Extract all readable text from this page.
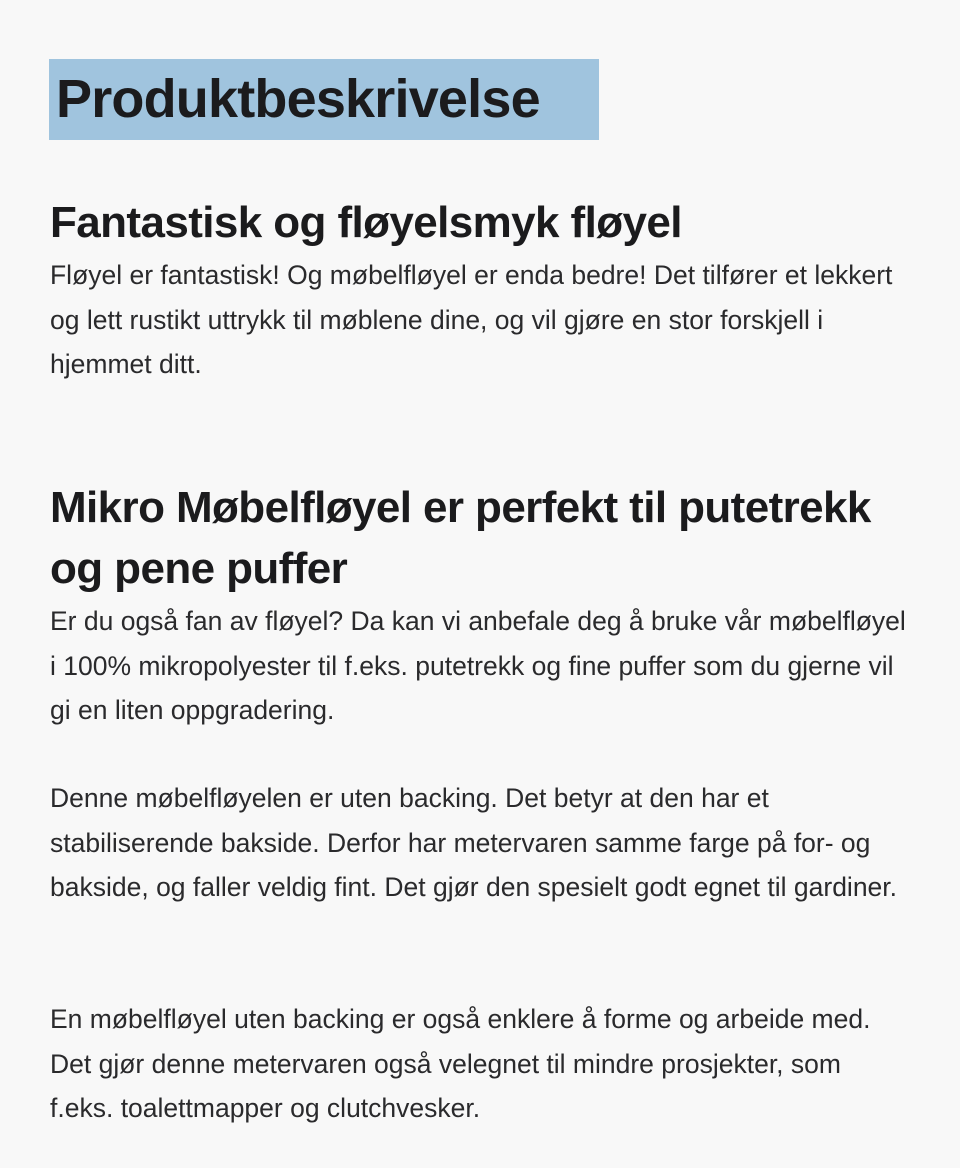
Produktbeskrivelse
Fantastisk og fløyelsmyk fløyel

Fløyel er fantastisk! Og møbelfløyel er enda bedre! Det tilfører et lekkert og lett rustikt uttrykk til møblene dine, og vil gjøre en stor forskjell i hjemmet ditt.

Mikro Møbelfløyel er perfekt til putetrekk og pene puffer

Er du også fan av fløyel? Da kan vi anbefale deg å bruke vår møbelfløyel i 100% mikropolyester til f.eks. putetrekk og fine puffer som du gjerne vil gi en liten oppgradering.

Denne møbelfløyelen er uten backing. Det betyr at den har et stabiliserende bakside. Derfor har metervaren samme farge på for- og bakside, og faller veldig fint. Det gjør den spesielt godt egnet til gardiner.

En møbelfløyel uten backing er også enklere å forme og arbeide med. Det gjør denne metervaren også velegnet til mindre prosjekter, som f.eks. toalettmapper og clutchvesker.
